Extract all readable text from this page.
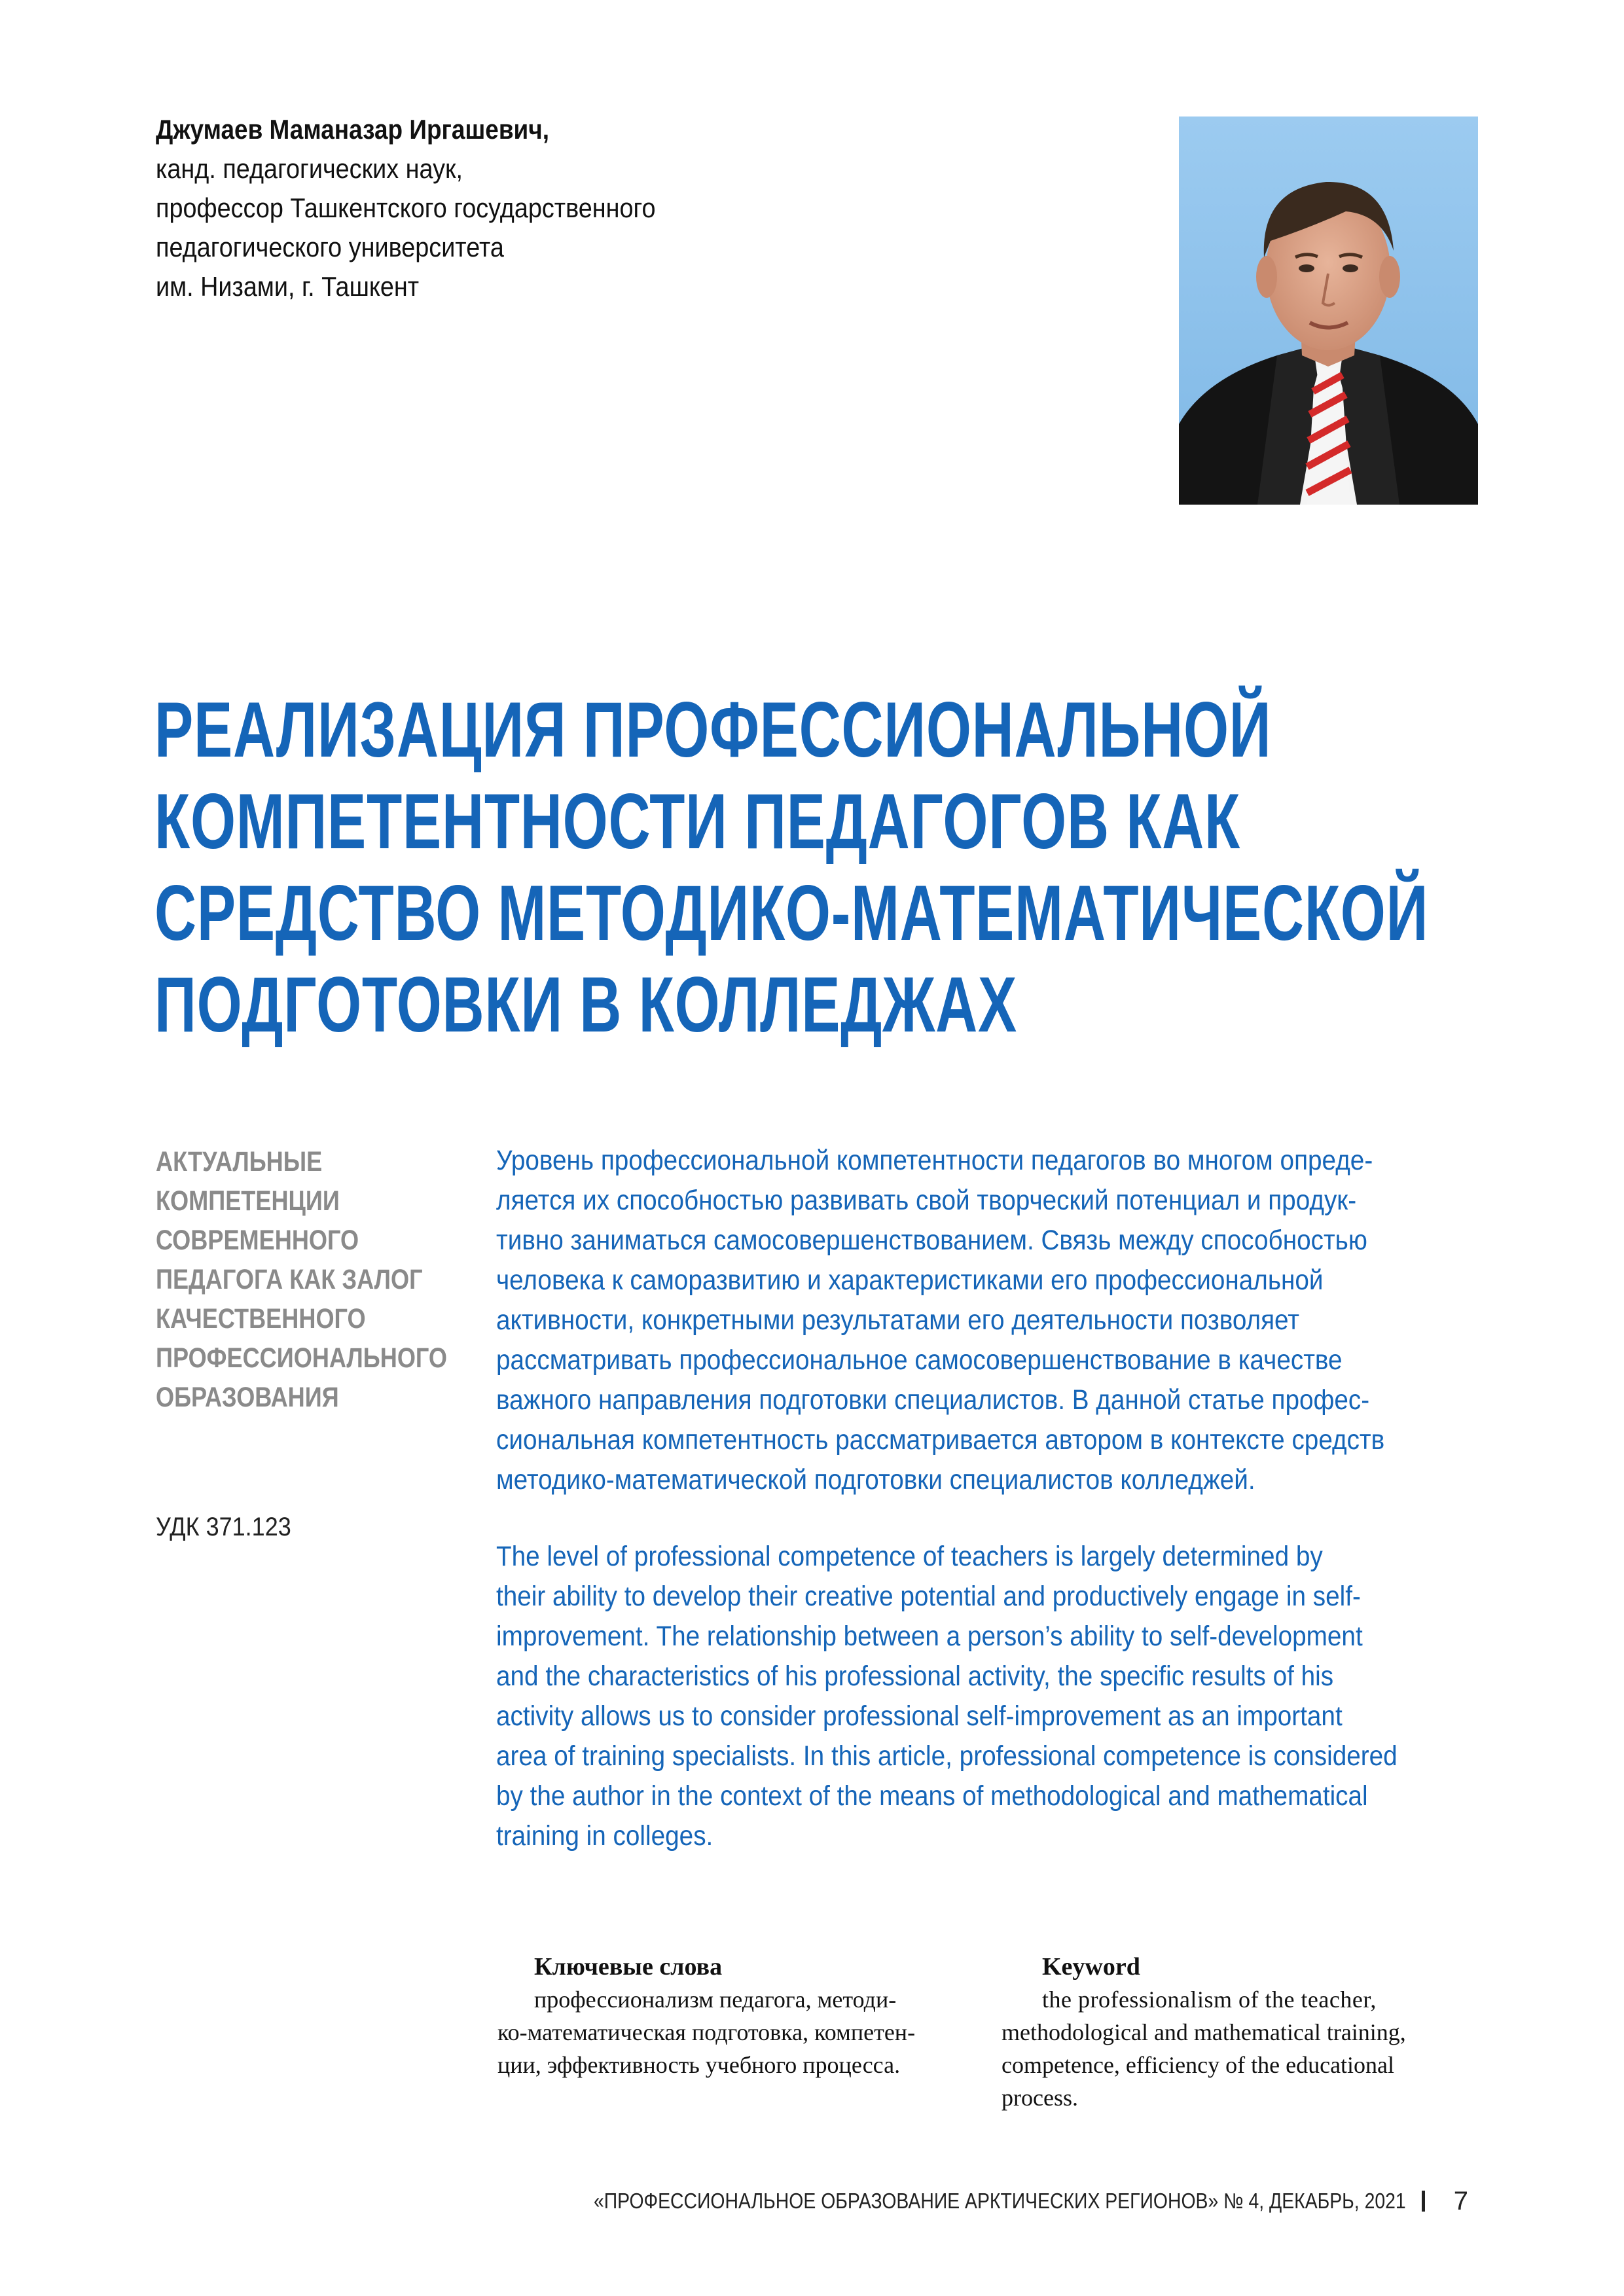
Джумаев Маманазар Иргашевич,
канд. педагогических наук,
профессор Ташкентского государственного
педагогического университета
им. Низами, г. Ташкент
РЕАЛИЗАЦИЯ ПРОФЕССИОНАЛЬНОЙ
КОМПЕТЕНТНОСТИ ПЕДАГОГОВ КАК
СРЕДСТВО МЕТОДИКО-МАТЕМАТИЧЕСКОЙ
ПОДГОТОВКИ В КОЛЛЕДЖАХ
АКТУАЛЬНЫЕ
КОМПЕТЕНЦИИ
СОВРЕМЕННОГО
ПЕДАГОГА КАК ЗАЛОГ
КАЧЕСТВЕННОГО
ПРОФЕССИОНАЛЬНОГО
ОБРАЗОВАНИЯ
УДК 371.123
Уровень профессиональной компетентности педагогов во многом опреде-
ляется их способностью развивать свой творческий потенциал и продук-
тивно заниматься самосовершенствованием. Связь между способностью
человека к саморазвитию и характеристиками его профессиональной
активности, конкретными результатами его деятельности позволяет
рассматривать профессиональное самосовершенствование в качестве
важного направления подготовки специалистов. В данной статье профес-
сиональная компетентность рассматривается автором в контексте средств
методико-математической подготовки специалистов колледжей.
The level of professional competence of teachers is largely determined by
their ability to develop their creative potential and productively engage in self-
improvement. The relationship between a person’s ability to self-development
and the characteristics of his professional activity, the specific results of his
activity allows us to consider professional self-improvement as an important
area of training specialists. In this article, professional competence is considered
by the author in the context of the means of methodological and mathematical
training in colleges.
Ключевые слова
профессионализм педагога, методи-
ко-математическая подготовка, компетен-
ции, эффективность учебного процесса.
Keyword
the professionalism of the teacher,
methodological and mathematical training,
competence, efficiency of the educational
process.
«ПРОФЕССИОНАЛЬНОЕ ОБРАЗОВАНИЕ АРКТИЧЕСКИХ РЕГИОНОВ» № 4, ДЕКАБРЬ, 2021	7
